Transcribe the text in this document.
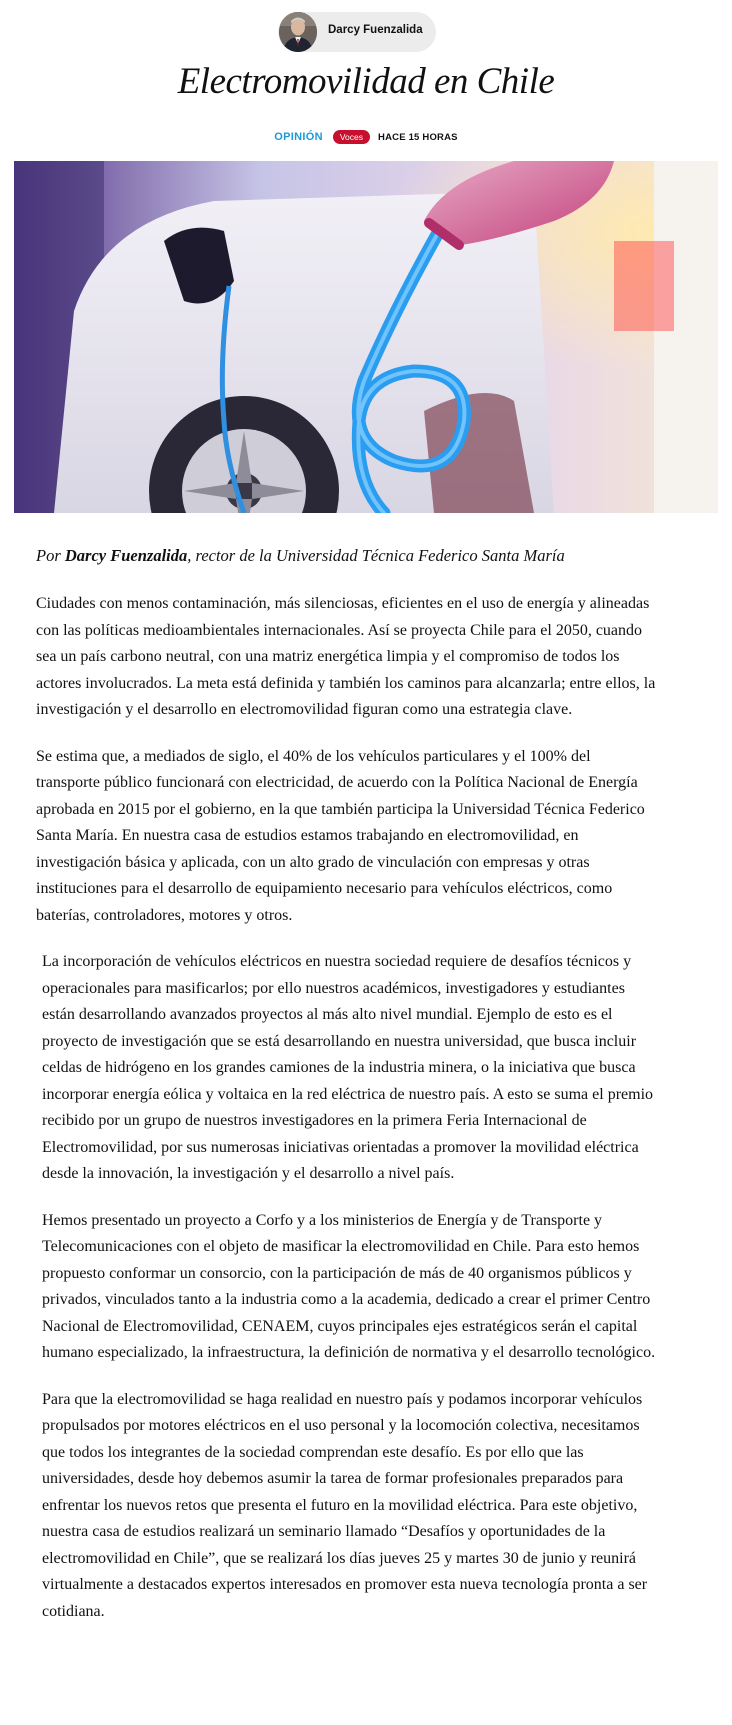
Darcy Fuenzalida
Electromovilidad en Chile
OPINIÓN	Voces	HACE 15 HORAS

Por Darcy Fuenzalida, rector de la Universidad Técnica Federico Santa María

Ciudades con menos contaminación, más silenciosas, eficientes en el uso de energía y alineadas con las políticas medioambientales internacionales. Así se proyecta Chile para el 2050, cuando sea un país carbono neutral, con una matriz energética limpia y el compromiso de todos los actores involucrados. La meta está definida y también los caminos para alcanzarla; entre ellos, la investigación y el desarrollo en electromovilidad figuran como una estrategia clave.

Se estima que, a mediados de siglo, el 40% de los vehículos particulares y el 100% del transporte público funcionará con electricidad, de acuerdo con la Política Nacional de Energía aprobada en 2015 por el gobierno, en la que también participa la Universidad Técnica Federico Santa María. En nuestra casa de estudios estamos trabajando en electromovilidad, en investigación básica y aplicada, con un alto grado de vinculación con empresas y otras instituciones para el desarrollo de equipamiento necesario para vehículos eléctricos, como baterías, controladores, motores y otros.

La incorporación de vehículos eléctricos en nuestra sociedad requiere de desafíos técnicos y operacionales para masificarlos; por ello nuestros académicos, investigadores y estudiantes están desarrollando avanzados proyectos al más alto nivel mundial. Ejemplo de esto es el proyecto de investigación que se está desarrollando en nuestra universidad, que busca incluir celdas de hidrógeno en los grandes camiones de la industria minera, o la iniciativa que busca incorporar energía eólica y voltaica en la red eléctrica de nuestro país. A esto se suma el premio recibido por un grupo de nuestros investigadores en la primera Feria Internacional de Electromovilidad, por sus numerosas iniciativas orientadas a promover la movilidad eléctrica desde la innovación, la investigación y el desarrollo a nivel país.

Hemos presentado un proyecto a Corfo y a los ministerios de Energía y de Transporte y Telecomunicaciones con el objeto de masificar la electromovilidad en Chile. Para esto hemos propuesto conformar un consorcio, con la participación de más de 40 organismos públicos y privados, vinculados tanto a la industria como a la academia, dedicado a crear el primer Centro Nacional de Electromovilidad, CENAEM, cuyos principales ejes estratégicos serán el capital humano especializado, la infraestructura, la definición de normativa y el desarrollo tecnológico.

Para que la electromovilidad se haga realidad en nuestro país y podamos incorporar vehículos propulsados por motores eléctricos en el uso personal y la locomoción colectiva, necesitamos que todos los integrantes de la sociedad comprendan este desafío. Es por ello que las universidades, desde hoy debemos asumir la tarea de formar profesionales preparados para enfrentar los nuevos retos que presenta el futuro en la movilidad eléctrica. Para este objetivo, nuestra casa de estudios realizará un seminario llamado “Desafíos y oportunidades de la electromovilidad en Chile”, que se realizará los días jueves 25 y martes 30 de junio y reunirá virtualmente a destacados expertos interesados en promover esta nueva tecnología pronta a ser cotidiana.
